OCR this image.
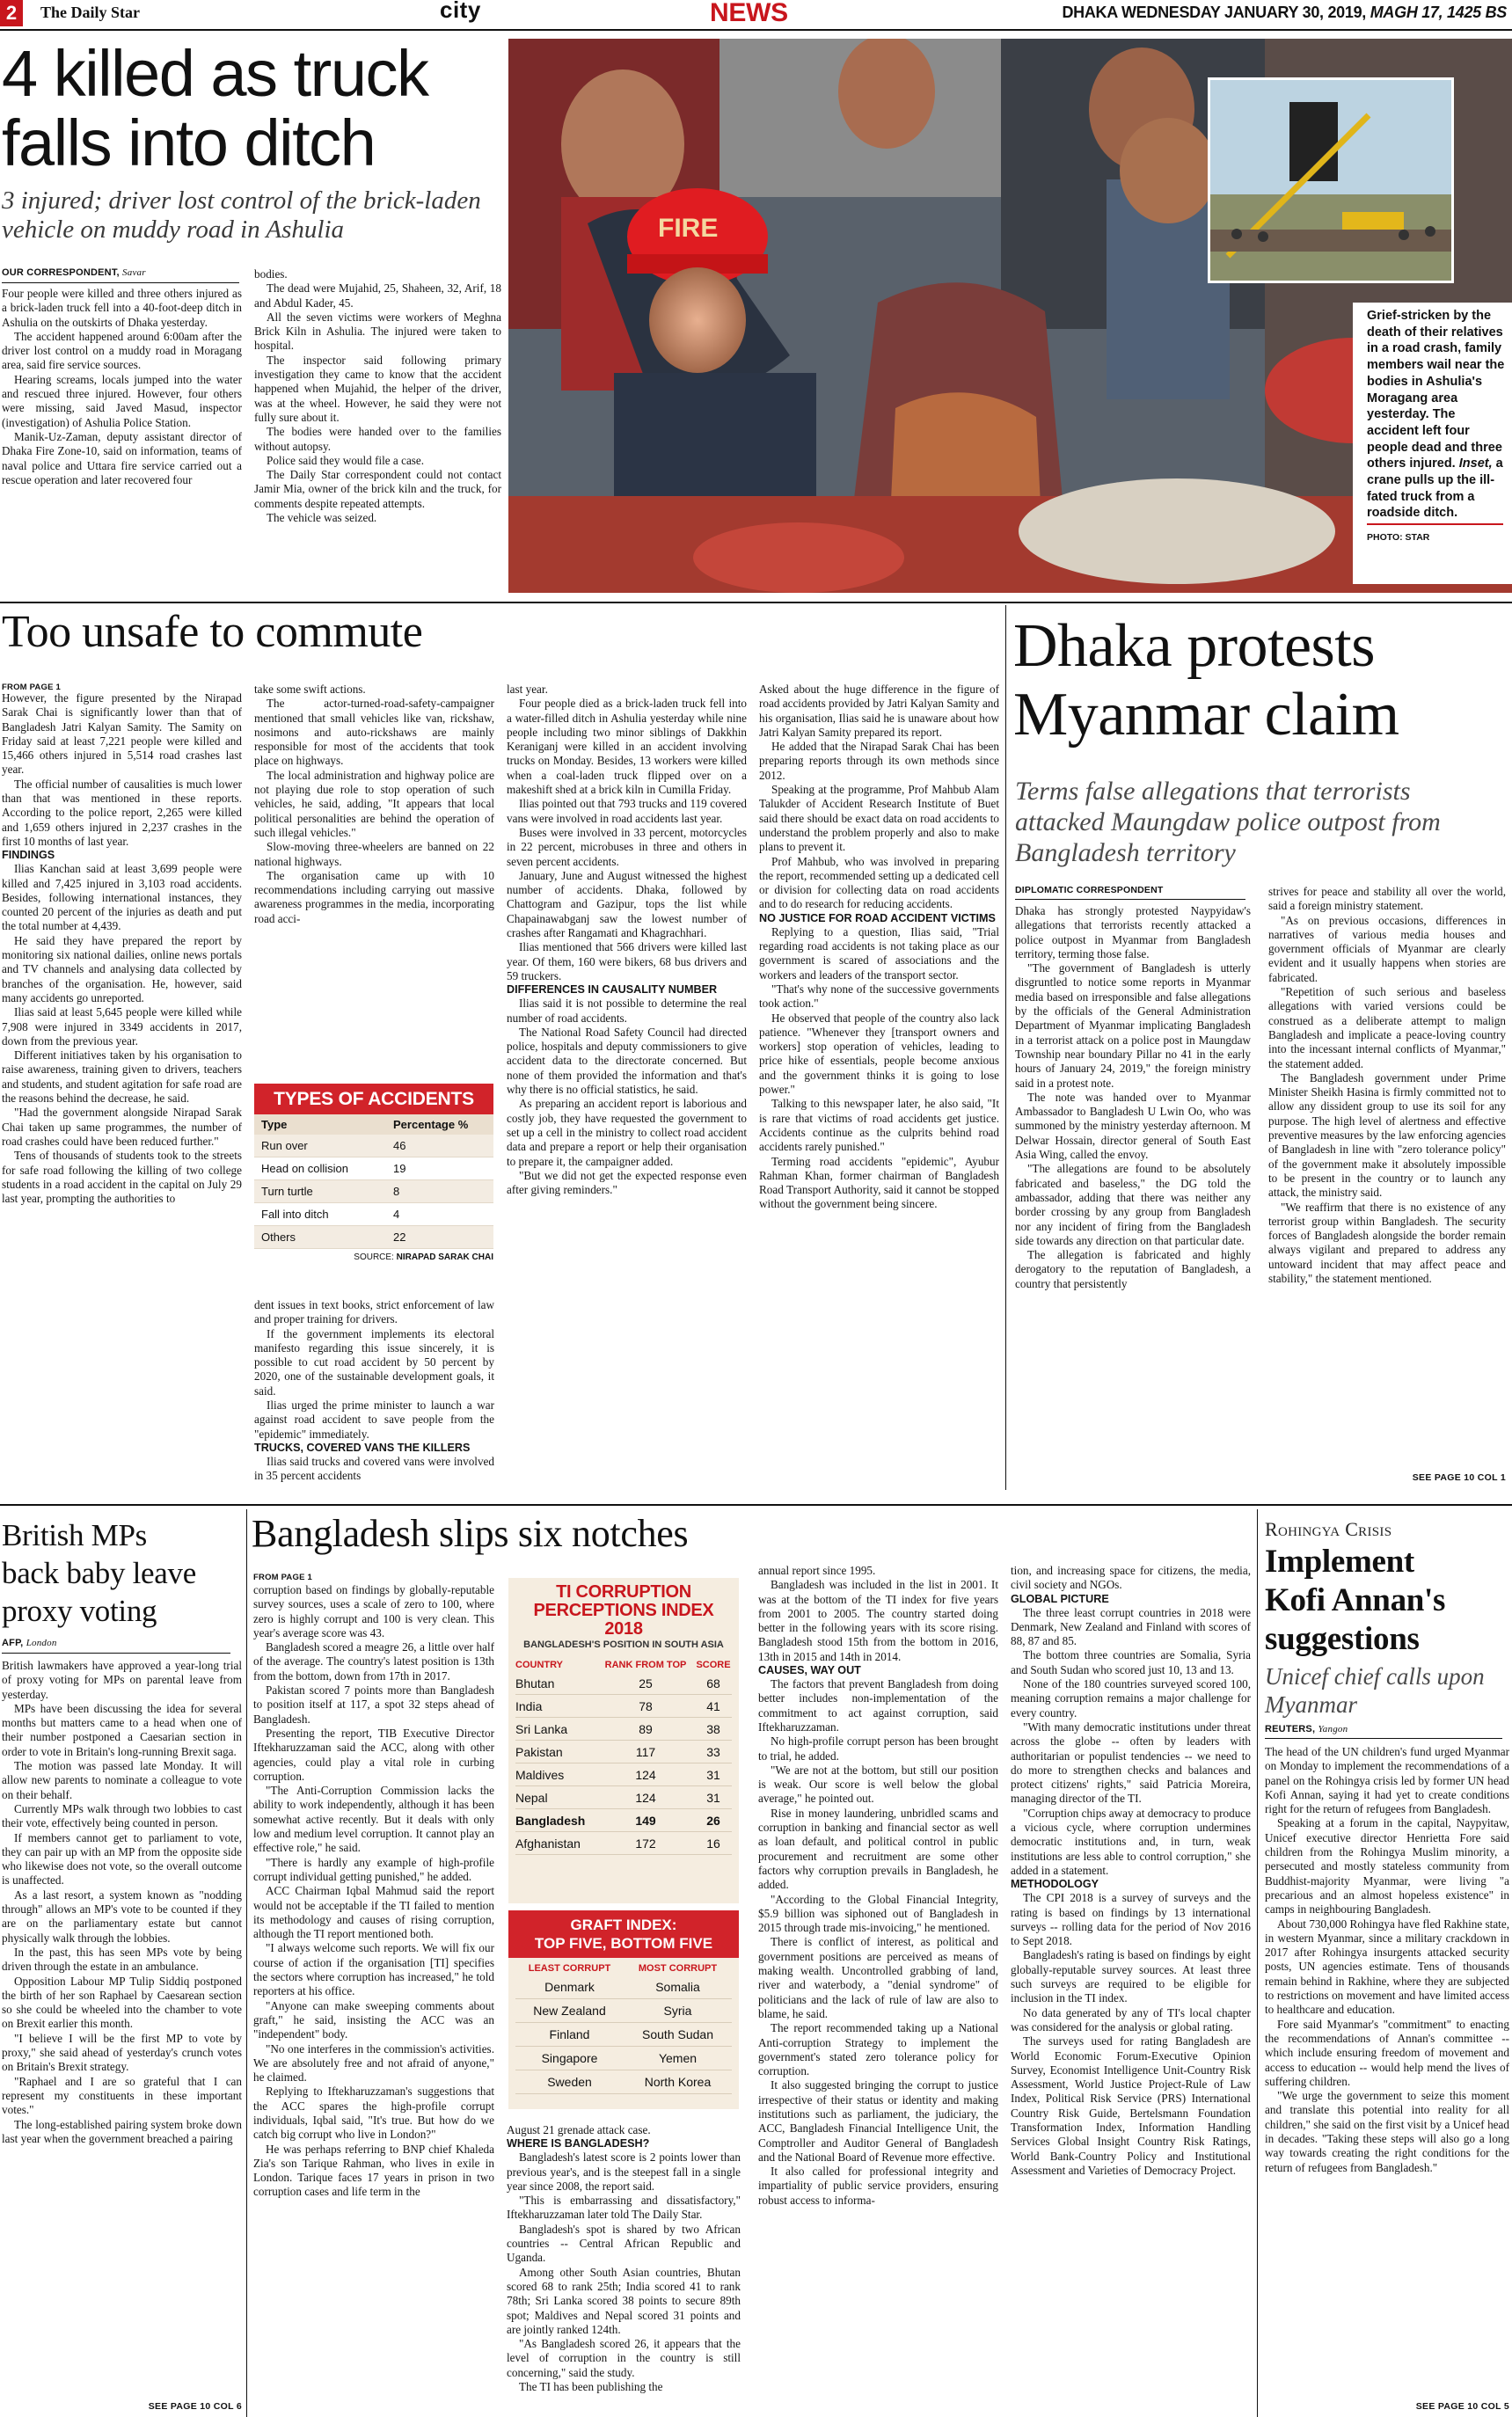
2	The Daily Star	city	NEWS	DHAKA WEDNESDAY JANUARY 30, 2019, MAGH 17, 1425 BS
4 killed as truck
falls into ditch
3 injured; driver lost control of the brick-laden vehicle on muddy road in Ashulia
OUR CORRESPONDENT, Savar

Four people were killed and three others injured as a brick-laden truck fell into a 40-foot-deep ditch in Ashulia on the outskirts of Dhaka yesterday.

The accident happened around 6:00am after the driver lost control on a muddy road in Moragang area, said fire service sources.

Hearing screams, locals jumped into the water and rescued three injured. However, four others were missing, said Javed Masud, inspector (investigation) of Ashulia Police Station.

Manik-Uz-Zaman, deputy assistant director of Dhaka Fire Zone-10, said on information, teams of naval police and Uttara fire service carried out a rescue operation and later recovered four

bodies.

The dead were Mujahid, 25, Shaheen, 32, Arif, 18 and Abdul Kader, 45.

All the seven victims were workers of Meghna Brick Kiln in Ashulia. The injured were taken to hospital.

The inspector said following primary investigation they came to know that the accident happened when Mujahid, the helper of the driver, was at the wheel. However, he said they were not fully sure about it.

The bodies were handed over to the families without autopsy.

Police said they would file a case.

The Daily Star correspondent could not contact Jamir Mia, owner of the brick kiln and the truck, for comments despite repeated attempts.

The vehicle was seized.

FIRE
Grief-stricken by the death of their relatives in a road crash, family members wail near the bodies in Ashulia's Moragang area yesterday. The accident left four people dead and three others injured. Inset, a crane pulls up the ill-fated truck from a roadside ditch.
PHOTO: STAR
Too unsafe to commute
FROM PAGE 1

However, the figure presented by the Nirapad Sarak Chai is significantly lower than that of Bangladesh Jatri Kalyan Samity. The Samity on Friday said at least 7,221 people were killed and 15,466 others injured in 5,514 road crashes last year.

The official number of causalities is much lower than that was mentioned in these reports. According to the police report, 2,265 were killed and 1,659 others injured in 2,237 crashes in the first 10 months of last year.

FINDINGS

Ilias Kanchan said at least 3,699 people were killed and 7,425 injured in 3,103 road accidents. Besides, following international instances, they counted 20 percent of the injuries as death and put the total number at 4,439.

He said they have prepared the report by monitoring six national dailies, online news portals and TV channels and analysing data collected by branches of the organisation. He, however, said many accidents go unreported.

Ilias said at least 5,645 people were killed while 7,908 were injured in 3349 accidents in 2017, down from the previous year.

Different initiatives taken by his organisation to raise awareness, training given to drivers, teachers and students, and student agitation for safe road are the reasons behind the decrease, he said.

"Had the government alongside Nirapad Sarak Chai taken up same programmes, the number of road crashes could have been reduced further."

Tens of thousands of students took to the streets for safe road following the killing of two college students in a road accident in the capital on July 29 last year, prompting the authorities to

take some swift actions.

The actor-turned-road-safety-campaigner mentioned that small vehicles like van, rickshaw, nosimons and auto-rickshaws are mainly responsible for most of the accidents that took place on highways.

The local administration and highway police are not playing due role to stop operation of such vehicles, he said, adding, "It appears that local political personalities are behind the operation of such illegal vehicles."

Slow-moving three-wheelers are banned on 22 national highways.

The organisation came up with 10 recommendations including carrying out massive awareness programmes in the media, incorporating road acci-

TYPES OF ACCIDENTS
Type	Percentage %
Run over	46
Head on collision	19
Turn turtle	8
Fall into ditch	4
Others	22
SOURCE: NIRAPAD SARAK CHAI

dent issues in text books, strict enforcement of law and proper training for drivers.

If the government implements its electoral manifesto regarding this issue sincerely, it is possible to cut road accident by 50 percent by 2020, one of the sustainable development goals, it said.

Ilias urged the prime minister to launch a war against road accident to save people from the "epidemic" immediately.

TRUCKS, COVERED VANS THE KILLERS

Ilias said trucks and covered vans were involved in 35 percent accidents

last year.

Four people died as a brick-laden truck fell into a water-filled ditch in Ashulia yesterday while nine people including two minor siblings of Dakkhin Keraniganj were killed in an accident involving trucks on Monday. Besides, 13 workers were killed when a coal-laden truck flipped over on a makeshift shed at a brick kiln in Cumilla Friday.

Ilias pointed out that 793 trucks and 119 covered vans were involved in road accidents last year.

Buses were involved in 33 percent, motorcycles in 22 percent, microbuses in three and others in seven percent accidents.

January, June and August witnessed the highest number of accidents. Dhaka, followed by Chattogram and Gazipur, tops the list while Chapainawabganj saw the lowest number of crashes after Rangamati and Khagrachhari.

Ilias mentioned that 566 drivers were killed last year. Of them, 160 were bikers, 68 bus drivers and 59 truckers.

DIFFERENCES IN CAUSALITY NUMBER

Ilias said it is not possible to determine the real number of road accidents.

The National Road Safety Council had directed police, hospitals and deputy commissioners to give accident data to the directorate concerned. But none of them provided the information and that's why there is no official statistics, he said.

As preparing an accident report is laborious and costly job, they have requested the government to set up a cell in the ministry to collect road accident data and prepare a report or help their organisation to prepare it, the campaigner added.

"But we did not get the expected response even after giving reminders."

Asked about the huge difference in the figure of road accidents provided by Jatri Kalyan Samity and his organisation, Ilias said he is unaware about how Jatri Kalyan Samity prepared its report.

He added that the Nirapad Sarak Chai has been preparing reports through its own methods since 2012.

Speaking at the programme, Prof Mahbub Alam Talukder of Accident Research Institute of Buet said there should be exact data on road accidents to understand the problem properly and also to make plans to prevent it.

Prof Mahbub, who was involved in preparing the report, recommended setting up a dedicated cell or division for collecting data on road accidents and to do research for reducing accidents.

NO JUSTICE FOR ROAD ACCIDENT VICTIMS

Replying to a question, Ilias said, "Trial regarding road accidents is not taking place as our government is scared of associations and the workers and leaders of the transport sector.

"That's why none of the successive governments took action."

He observed that people of the country also lack patience. "Whenever they [transport owners and workers] stop operation of vehicles, leading to price hike of essentials, people become anxious and the government thinks it is going to lose power."

Talking to this newspaper later, he also said, "It is rare that victims of road accidents get justice. Accidents continue as the culprits behind road accidents rarely punished."

Terming road accidents "epidemic", Ayubur Rahman Khan, former chairman of Bangladesh Road Transport Authority, said it cannot be stopped without the government being sincere.

Dhaka protests
Myanmar claim
Terms false allegations that terrorists attacked Maungdaw police outpost from Bangladesh territory
DIPLOMATIC CORRESPONDENT

Dhaka has strongly protested Naypyidaw's allegations that terrorists recently attacked a police outpost in Myanmar from Bangladesh territory, terming those false.

"The government of Bangladesh is utterly disgruntled to notice some reports in Myanmar media based on irresponsible and false allegations by the officials of the General Administration Department of Myanmar implicating Bangladesh in a terrorist attack on a police post in Maungdaw Township near boundary Pillar no 41 in the early hours of January 24, 2019," the foreign ministry said in a protest note.

The note was handed over to Myanmar Ambassador to Bangladesh U Lwin Oo, who was summoned by the ministry yesterday afternoon. M Delwar Hossain, director general of South East Asia Wing, called the envoy.

"The allegations are found to be absolutely fabricated and baseless," the DG told the ambassador, adding that there was neither any border crossing by any group from Bangladesh nor any incident of firing from the Bangladesh side towards any direction on that particular date.

The allegation is fabricated and highly derogatory to the reputation of Bangladesh, a country that persistently

strives for peace and stability all over the world, said a foreign ministry statement.

"As on previous occasions, differences in narratives of various media houses and government officials of Myanmar are clearly evident and it usually happens when stories are fabricated.

"Repetition of such serious and baseless allegations with varied versions could be construed as a deliberate attempt to malign Bangladesh and implicate a peace-loving country into the incessant internal conflicts of Myanmar," the statement added.

The Bangladesh government under Prime Minister Sheikh Hasina is firmly committed not to allow any dissident group to use its soil for any purpose. The high level of alertness and effective preventive measures by the law enforcing agencies of Bangladesh in line with "zero tolerance policy" of the government make it absolutely impossible to be present in the country or to launch any attack, the ministry said.

"We reaffirm that there is no existence of any terrorist group within Bangladesh. The security forces of Bangladesh alongside the border remain always vigilant and prepared to address any untoward incident that may affect peace and stability," the statement mentioned.

SEE PAGE 10 COL 1
British MPs
back baby leave
proxy voting
AFP, London

British lawmakers have approved a year-long trial of proxy voting for MPs on parental leave from yesterday.

MPs have been discussing the idea for several months but matters came to a head when one of their number postponed a Caesarian section in order to vote in Britain's long-running Brexit saga.

The motion was passed late Monday. It will allow new parents to nominate a colleague to vote on their behalf.

Currently MPs walk through two lobbies to cast their vote, effectively being counted in person.

If members cannot get to parliament to vote, they can pair up with an MP from the opposite side who likewise does not vote, so the overall outcome is unaffected.

As a last resort, a system known as "nodding through" allows an MP's vote to be counted if they are on the parliamentary estate but cannot physically walk through the lobbies.

In the past, this has seen MPs vote by being driven through the estate in an ambulance.

Opposition Labour MP Tulip Siddiq postponed the birth of her son Raphael by Caesarean section so she could be wheeled into the chamber to vote on Brexit earlier this month.

"I believe I will be the first MP to vote by proxy," she said ahead of yesterday's crunch votes on Britain's Brexit strategy.

"Raphael and I are so grateful that I can represent my constituents in these important votes."

The long-established pairing system broke down last year when the government breached a pairing

SEE PAGE 10 COL 6
Bangladesh slips six notches
FROM PAGE 1

corruption based on findings by globally-reputable survey sources, uses a scale of zero to 100, where zero is highly corrupt and 100 is very clean. This year's average score was 43.

Bangladesh scored a meagre 26, a little over half of the average. The country's latest position is 13th from the bottom, down from 17th in 2017.

Pakistan scored 7 points more than Bangladesh to position itself at 117, a spot 32 steps ahead of Bangladesh.

Presenting the report, TIB Executive Director Iftekharuzzaman said the ACC, along with other agencies, could play a vital role in curbing corruption.

"The Anti-Corruption Commission lacks the ability to work independently, although it has been somewhat active recently. But it deals with only low and medium level corruption. It cannot play an effective role," he said.

"There is hardly any example of high-profile corrupt individual getting punished," he added.

ACC Chairman Iqbal Mahmud said the report would not be acceptable if the TI failed to mention its methodology and causes of rising corruption, although the TI report mentioned both.

"I always welcome such reports. We will fix our course of action if the organisation [TI] specifies the sectors where corruption has increased," he told reporters at his office.

"Anyone can make sweeping comments about graft," he said, insisting the ACC was an "independent" body.

"No one interferes in the commission's activities. We are absolutely free and not afraid of anyone," he claimed.

Replying to Iftekharuzzaman's suggestions that the ACC spares the high-profile corrupt individuals, Iqbal said, "It's true. But how do we catch big corrupt who live in London?"

He was perhaps referring to BNP chief Khaleda Zia's son Tarique Rahman, who lives in exile in London. Tarique faces 17 years in prison in two corruption cases and life term in the

TI CORRUPTION
PERCEPTIONS INDEX 2018
BANGLADESH'S POSITION IN SOUTH ASIA
COUNTRY	RANK FROM TOP	SCORE
Bhutan	25	68
India	78	41
Sri Lanka	89	38
Pakistan	117	33
Maldives	124	31
Nepal	124	31
Bangladesh	149	26
Afghanistan	172	16
GRAFT INDEX:
TOP FIVE, BOTTOM FIVE
LEAST CORRUPT	MOST CORRUPT
Denmark	Somalia
New Zealand	Syria
Finland	South Sudan
Singapore	Yemen
Sweden	North Korea

August 21 grenade attack case.

WHERE IS BANGLADESH?

Bangladesh's latest score is 2 points lower than previous year's, and is the steepest fall in a single year since 2008, the report said.

"This is embarrassing and dissatisfactory," Iftekharuzzaman later told The Daily Star.

Bangladesh's spot is shared by two African countries -- Central African Republic and Uganda.

Among other South Asian countries, Bhutan scored 68 to rank 25th; India scored 41 to rank 78th; Sri Lanka scored 38 points to secure 89th spot; Maldives and Nepal scored 31 points and are jointly ranked 124th.

"As Bangladesh scored 26, it appears that the level of corruption in the country is still concerning," said the study.

The TI has been publishing the

annual report since 1995.

Bangladesh was included in the list in 2001. It was at the bottom of the TI index for five years from 2001 to 2005. The country started doing better in the following years with its score rising. Bangladesh stood 15th from the bottom in 2016, 13th in 2015 and 14th in 2014.

CAUSES, WAY OUT

The factors that prevent Bangladesh from doing better includes non-implementation of the commitment to act against corruption, said Iftekharuzzaman.

No high-profile corrupt person has been brought to trial, he added.

"We are not at the bottom, but still our position is weak. Our score is well below the global average," he pointed out.

Rise in money laundering, unbridled scams and corruption in banking and financial sector as well as loan default, and political control in public procurement and recruitment are some other factors why corruption prevails in Bangladesh, he added.

"According to the Global Financial Integrity, $5.9 billion was siphoned out of Bangladesh in 2015 through trade mis-invoicing," he mentioned.

There is conflict of interest, as political and government positions are perceived as means of making wealth. Uncontrolled grabbing of land, river and waterbody, a "denial syndrome" of politicians and the lack of rule of law are also to blame, he said.

The report recommended taking up a National Anti-corruption Strategy to implement the government's stated zero tolerance policy for corruption.

It also suggested bringing the corrupt to justice irrespective of their status or identity and making institutions such as parliament, the judiciary, the ACC, Bangladesh Financial Intelligence Unit, the Comptroller and Auditor General of Bangladesh and the National Board of Revenue more effective.

It also called for professional integrity and impartiality of public service providers, ensuring robust access to informa-

tion, and increasing space for citizens, the media, civil society and NGOs.

GLOBAL PICTURE

The three least corrupt countries in 2018 were Denmark, New Zealand and Finland with scores of 88, 87 and 85.

The bottom three countries are Somalia, Syria and South Sudan who scored just 10, 13 and 13.

None of the 180 countries surveyed scored 100, meaning corruption remains a major challenge for every country.

"With many democratic institutions under threat across the globe -- often by leaders with authoritarian or populist tendencies -- we need to do more to strengthen checks and balances and protect citizens' rights," said Patricia Moreira, managing director of the TI.

"Corruption chips away at democracy to produce a vicious cycle, where corruption undermines democratic institutions and, in turn, weak institutions are less able to control corruption," she added in a statement.

METHODOLOGY

The CPI 2018 is a survey of surveys and the rating is based on findings by 13 international surveys -- rolling data for the period of Nov 2016 to Sept 2018.

Bangladesh's rating is based on findings by eight globally-reputable survey sources. At least three such surveys are required to be eligible for inclusion in the TI index.

No data generated by any of TI's local chapter was considered for the analysis or global rating.

The surveys used for rating Bangladesh are World Economic Forum-Executive Opinion Survey, Economist Intelligence Unit-Country Risk Assessment, World Justice Project-Rule of Law Index, Political Risk Service (PRS) International Country Risk Guide, Bertelsmann Foundation Transformation Index, Information Handling Services Global Insight Country Risk Ratings, World Bank-Country Policy and Institutional Assessment and Varieties of Democracy Project.

Rohingya Crisis
Implement
Kofi Annan's
suggestions
Unicef chief calls upon Myanmar
REUTERS, Yangon

The head of the UN children's fund urged Myanmar on Monday to implement the recommendations of a panel on the Rohingya crisis led by former UN head Kofi Annan, saying it had yet to create conditions right for the return of refugees from Bangladesh.

Speaking at a forum in the capital, Naypyitaw, Unicef executive director Henrietta Fore said children from the Rohingya Muslim minority, a persecuted and mostly stateless community from Buddhist-majority Myanmar, were living "a precarious and an almost hopeless existence" in camps in neighbouring Bangladesh.

About 730,000 Rohingya have fled Rakhine state, in western Myanmar, since a military crackdown in 2017 after Rohingya insurgents attacked security posts, UN agencies estimate. Tens of thousands remain behind in Rakhine, where they are subjected to restrictions on movement and have limited access to healthcare and education.

Fore said Myanmar's "commitment" to enacting the recommendations of Annan's committee -- which include ensuring freedom of movement and access to education -- would help mend the lives of suffering children.

"We urge the government to seize this moment and translate this potential into reality for all children," she said on the first visit by a Unicef head in decades. "Taking these steps will also go a long way towards creating the right conditions for the return of refugees from Bangladesh."

SEE PAGE 10 COL 5
